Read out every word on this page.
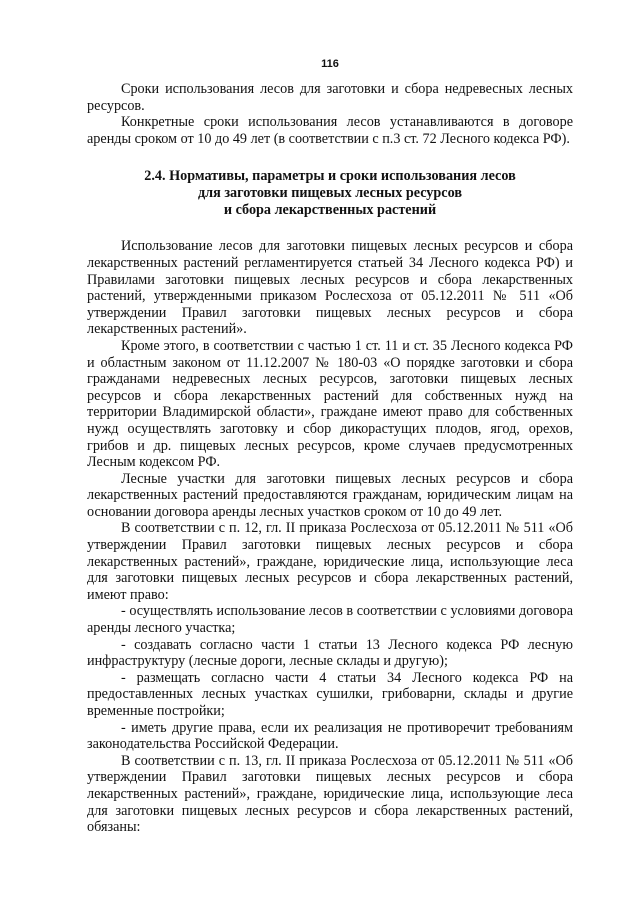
116

Сроки использования лесов для заготовки и сбора недревесных лесных ресурсов.

Конкретные сроки использования лесов устанавливаются в договоре аренды сроком от 10 до 49 лет (в соответствии с п.3 ст. 72 Лесного кодекса РФ).

2.4. Нормативы, параметры и сроки использования лесов
для заготовки пищевых лесных ресурсов
и сбора лекарственных растений

Использование лесов для заготовки пищевых лесных ресурсов и сбора лекарственных растений регламентируется статьей 34 Лесного кодекса РФ) и Правилами заготовки пищевых лесных ресурсов и сбора лекарственных растений, утвержденными приказом Рослесхоза от 05.12.2011 № 511 «Об утверждении Правил заготовки пищевых лесных ресурсов и сбора лекарственных растений».

Кроме этого, в соответствии с частью 1 ст. 11 и ст. 35 Лесного кодекса РФ и областным законом от 11.12.2007 № 180-03 «О порядке заготовки и сбора гражданами недревесных лесных ресурсов, заготовки пищевых лесных ресурсов и сбора лекарственных растений для собственных нужд на территории Владимирской области», граждане имеют право для собственных нужд осуществлять заготовку и сбор дикорастущих плодов, ягод, орехов, грибов и др. пищевых лесных ресурсов, кроме случаев предусмотренных Лесным кодексом РФ.

Лесные участки для заготовки пищевых лесных ресурсов и сбора лекарственных растений предоставляются гражданам, юридическим лицам на основании договора аренды лесных участков сроком от 10 до 49 лет.

В соответствии с п. 12, гл. II приказа Рослесхоза от 05.12.2011 № 511 «Об утверждении Правил заготовки пищевых лесных ресурсов и сбора лекарственных растений», граждане, юридические лица, использующие леса для заготовки пищевых лесных ресурсов и сбора лекарственных растений, имеют право:

- осуществлять использование лесов в соответствии с условиями договора аренды лесного участка;

- создавать согласно части 1 статьи 13 Лесного кодекса РФ лесную инфраструктуру (лесные дороги, лесные склады и другую);

- размещать согласно части 4 статьи 34 Лесного кодекса РФ на предоставленных лесных участках сушилки, грибоварни, склады и другие временные постройки;

- иметь другие права, если их реализация не противоречит требованиям законодательства Российской Федерации.

В соответствии с п. 13, гл. II приказа Рослесхоза от 05.12.2011 № 511 «Об утверждении Правил заготовки пищевых лесных ресурсов и сбора лекарственных растений», граждане, юридические лица, использующие леса для заготовки пищевых лесных ресурсов и сбора лекарственных растений, обязаны:
